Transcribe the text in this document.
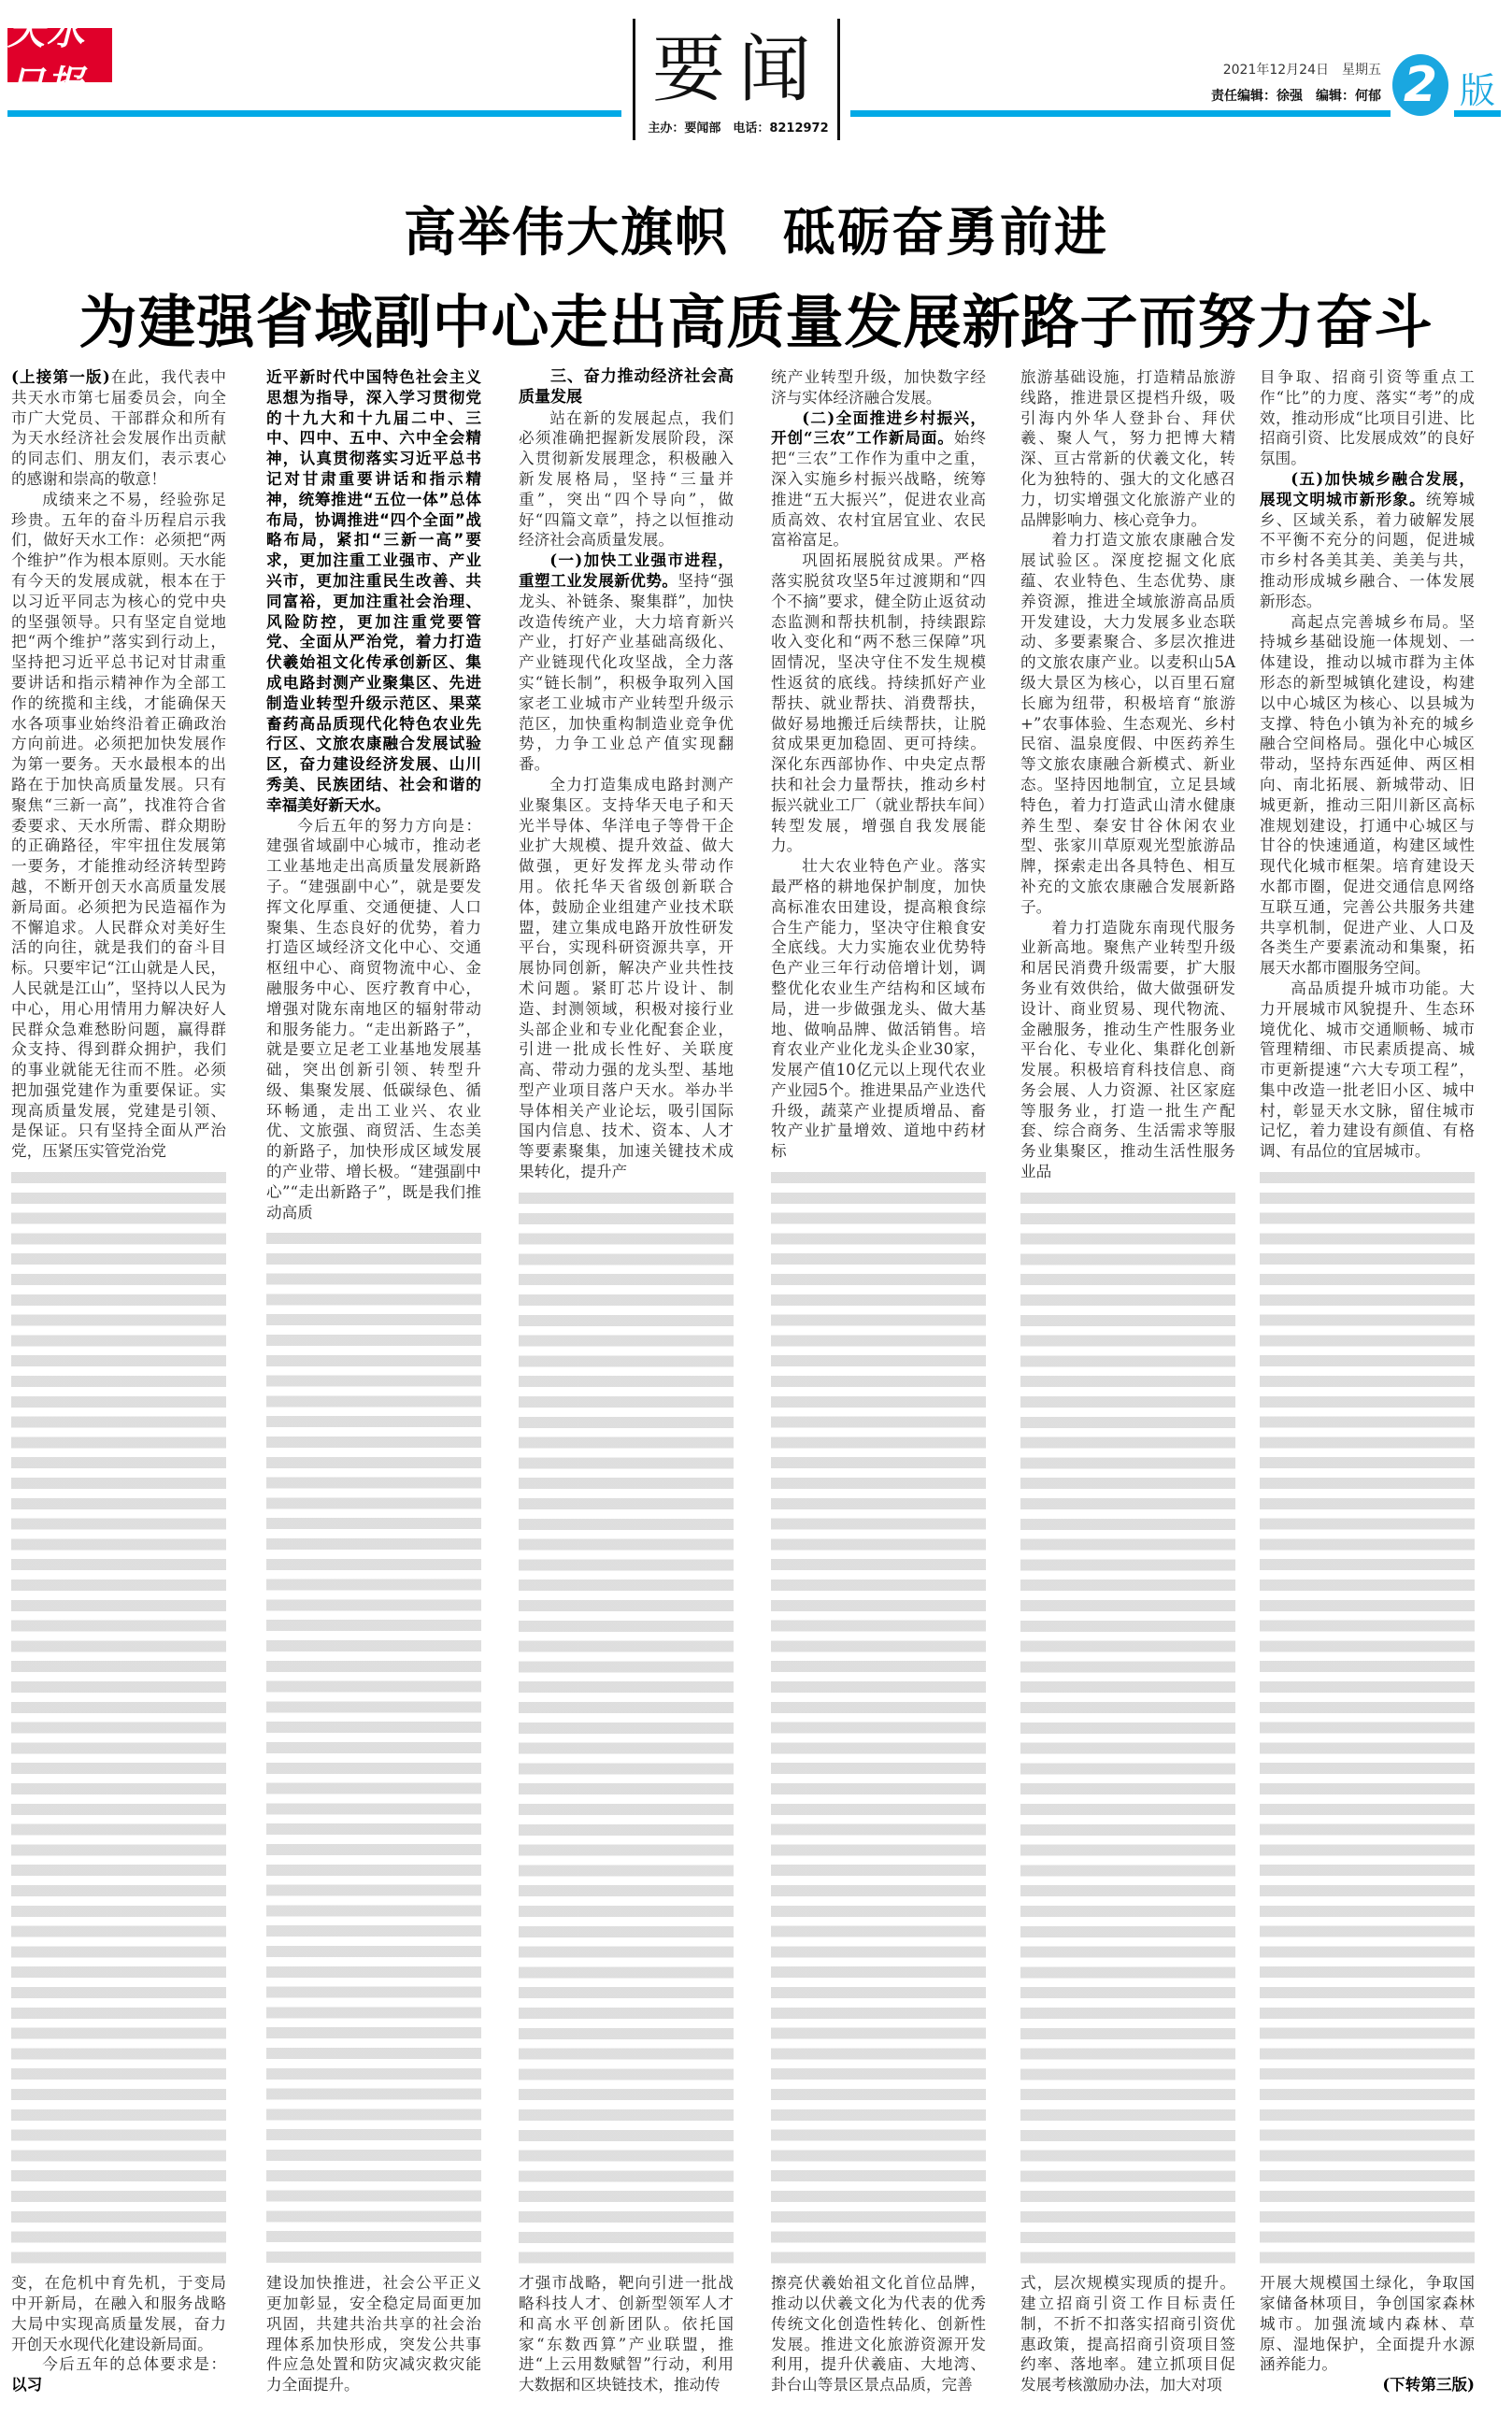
天水日报	要闻
主办：要闻部　电话：8212972
2021年12月24日　星期五
责任编辑：徐强　编辑：何郁 2 版
高举伟大旗帜　砥砺奋勇前进
为建强省域副中心走出高质量发展新路子而努力奋斗

(上接第一版)在此，我代表中共天水市第七届委员会，向全市广大党员、干部群众和所有为天水经济社会发展作出贡献的同志们、朋友们，表示衷心的感谢和崇高的敬意！

成绩来之不易，经验弥足珍贵。五年的奋斗历程启示我们，做好天水工作：必须把“两个维护”作为根本原则。天水能有今天的发展成就，根本在于以习近平同志为核心的党中央的坚强领导。只有坚定自觉地把“两个维护”落实到行动上，坚持把习近平总书记对甘肃重要讲话和指示精神作为全部工作的统揽和主线，才能确保天水各项事业始终沿着正确政治方向前进。必须把加快发展作为第一要务。天水最根本的出路在于加快高质量发展。只有聚焦“三新一高”，找准符合省委要求、天水所需、群众期盼的正确路径，牢牢扭住发展第一要务，才能推动经济转型跨越，不断开创天水高质量发展新局面。必须把为民造福作为不懈追求。人民群众对美好生活的向往，就是我们的奋斗目标。只要牢记“江山就是人民，人民就是江山”，坚持以人民为中心，用心用情用力解决好人民群众急难愁盼问题，赢得群众支持、得到群众拥护，我们的事业就能无往而不胜。必须把加强党建作为重要保证。实现高质量发展，党建是引领、是保证。只有坚持全面从严治党，压紧压实管党治党

变，在危机中育先机，于变局中开新局，在融入和服务战略大局中实现高质量发展，奋力开创天水现代化建设新局面。

今后五年的总体要求是：以习

近平新时代中国特色社会主义思想为指导，深入学习贯彻党的十九大和十九届二中、三中、四中、五中、六中全会精神，认真贯彻落实习近平总书记对甘肃重要讲话和指示精神，统筹推进“五位一体”总体布局，协调推进“四个全面”战略布局，紧扣“三新一高”要求，更加注重工业强市、产业兴市，更加注重民生改善、共同富裕，更加注重社会治理、风险防控，更加注重党要管党、全面从严治党，着力打造伏羲始祖文化传承创新区、集成电路封测产业聚集区、先进制造业转型升级示范区、果菜畜药高品质现代化特色农业先行区、文旅农康融合发展试验区，奋力建设经济发展、山川秀美、民族团结、社会和谐的幸福美好新天水。

今后五年的努力方向是：建强省域副中心城市，推动老工业基地走出高质量发展新路子。“建强副中心”，就是要发挥文化厚重、交通便捷、人口聚集、生态良好的优势，着力打造区域经济文化中心、交通枢纽中心、商贸物流中心、金融服务中心、医疗教育中心，增强对陇东南地区的辐射带动和服务能力。“走出新路子”，就是要立足老工业基地发展基础，突出创新引领、转型升级、集聚发展、低碳绿色、循环畅通，走出工业兴、农业优、文旅强、商贸活、生态美的新路子，加快形成区域发展的产业带、增长极。“建强副中心”“走出新路子”，既是我们推动高质

建设加快推进，社会公平正义更加彰显，安全稳定局面更加巩固，共建共治共享的社会治理体系加快形成，突发公共事件应急处置和防灾减灾救灾能力全面提升。

三、奋力推动经济社会高质量发展

站在新的发展起点，我们必须准确把握新发展阶段，深入贯彻新发展理念，积极融入新发展格局，坚持“三量并重”，突出“四个导向”，做好“四篇文章”，持之以恒推动经济社会高质量发展。

(一)加快工业强市进程，重塑工业发展新优势。坚持“强龙头、补链条、聚集群”，加快改造传统产业，大力培育新兴产业，打好产业基础高级化、产业链现代化攻坚战，全力落实“链长制”，积极争取列入国家老工业城市产业转型升级示范区，加快重构制造业竞争优势，力争工业总产值实现翻番。

全力打造集成电路封测产业聚集区。支持华天电子和天光半导体、华洋电子等骨干企业扩大规模、提升效益、做大做强，更好发挥龙头带动作用。依托华天省级创新联合体，鼓励企业组建产业技术联盟，建立集成电路开放性研发平台，实现科研资源共享，开展协同创新，解决产业共性技术问题。紧盯芯片设计、制造、封测领域，积极对接行业头部企业和专业化配套企业，引进一批成长性好、关联度高、带动力强的龙头型、基地型产业项目落户天水。举办半导体相关产业论坛，吸引国际国内信息、技术、资本、人才等要素聚集，加速关键技术成果转化，提升产

才强市战略，靶向引进一批战略科技人才、创新型领军人才和高水平创新团队。依托国家“东数西算”产业联盟，推进“上云用数赋智”行动，利用大数据和区块链技术，推动传

统产业转型升级，加快数字经济与实体经济融合发展。

(二)全面推进乡村振兴，开创“三农”工作新局面。始终把“三农”工作作为重中之重，深入实施乡村振兴战略，统筹推进“五大振兴”，促进农业高质高效、农村宜居宜业、农民富裕富足。

巩固拓展脱贫成果。严格落实脱贫攻坚5年过渡期和“四个不摘”要求，健全防止返贫动态监测和帮扶机制，持续跟踪收入变化和“两不愁三保障”巩固情况，坚决守住不发生规模性返贫的底线。持续抓好产业帮扶、就业帮扶、消费帮扶，做好易地搬迁后续帮扶，让脱贫成果更加稳固、更可持续。深化东西部协作、中央定点帮扶和社会力量帮扶，推动乡村振兴就业工厂（就业帮扶车间）转型发展，增强自我发展能力。

壮大农业特色产业。落实最严格的耕地保护制度，加快高标准农田建设，提高粮食综合生产能力，坚决守住粮食安全底线。大力实施农业优势特色产业三年行动倍增计划，调整优化农业生产结构和区域布局，进一步做强龙头、做大基地、做响品牌、做活销售。培育农业产业化龙头企业30家，发展产值10亿元以上现代农业产业园5个。推进果品产业迭代升级，蔬菜产业提质增品、畜牧产业扩量增效、道地中药材标

擦亮伏羲始祖文化首位品牌，推动以伏羲文化为代表的优秀传统文化创造性转化、创新性发展。推进文化旅游资源开发利用，提升伏羲庙、大地湾、卦台山等景区景点品质，完善

旅游基础设施，打造精品旅游线路，推进景区提档升级，吸引海内外华人登卦台、拜伏羲、聚人气，努力把博大精深、亘古常新的伏羲文化，转化为独特的、强大的文化感召力，切实增强文化旅游产业的品牌影响力、核心竞争力。

着力打造文旅农康融合发展试验区。深度挖掘文化底蕴、农业特色、生态优势、康养资源，推进全域旅游高品质开发建设，大力发展多业态联动、多要素聚合、多层次推进的文旅农康产业。以麦积山5A级大景区为核心，以百里石窟长廊为纽带，积极培育“旅游+”农事体验、生态观光、乡村民宿、温泉度假、中医药养生等文旅农康融合新模式、新业态。坚持因地制宜，立足县域特色，着力打造武山清水健康养生型、秦安甘谷休闲农业型、张家川草原观光型旅游品牌，探索走出各具特色、相互补充的文旅农康融合发展新路子。

着力打造陇东南现代服务业新高地。聚焦产业转型升级和居民消费升级需要，扩大服务业有效供给，做大做强研发设计、商业贸易、现代物流、金融服务，推动生产性服务业平台化、专业化、集群化创新发展。积极培育科技信息、商务会展、人力资源、社区家庭等服务业，打造一批生产配套、综合商务、生活需求等服务业集聚区，推动生活性服务业品

式，层次规模实现质的提升。建立招商引资工作目标责任制，不折不扣落实招商引资优惠政策，提高招商引资项目签约率、落地率。建立抓项目促发展考核激励办法，加大对项

目争取、招商引资等重点工作“比”的力度、落实“考”的成效，推动形成“比项目引进、比招商引资、比发展成效”的良好氛围。

(五)加快城乡融合发展，展现文明城市新形象。统筹城乡、区域关系，着力破解发展不平衡不充分的问题，促进城市乡村各美其美、美美与共，推动形成城乡融合、一体发展新形态。

高起点完善城乡布局。坚持城乡基础设施一体规划、一体建设，推动以城市群为主体形态的新型城镇化建设，构建以中心城区为核心、以县城为支撑、特色小镇为补充的城乡融合空间格局。强化中心城区带动，坚持东西延伸、两区相向、南北拓展、新城带动、旧城更新，推动三阳川新区高标准规划建设，打通中心城区与甘谷的快速通道，构建区域性现代化城市框架。培育建设天水都市圈，促进交通信息网络互联互通，完善公共服务共建共享机制，促进产业、人口及各类生产要素流动和集聚，拓展天水都市圈服务空间。

高品质提升城市功能。大力开展城市风貌提升、生态环境优化、城市交通顺畅、城市管理精细、市民素质提高、城市更新提速“六大专项工程”，集中改造一批老旧小区、城中村，彰显天水文脉，留住城市记忆，着力建设有颜值、有格调、有品位的宜居城市。

开展大规模国土绿化，争取国家储备林项目，争创国家森林城市。加强流域内森林、草原、湿地保护，全面提升水源涵养能力。

(下转第三版)
